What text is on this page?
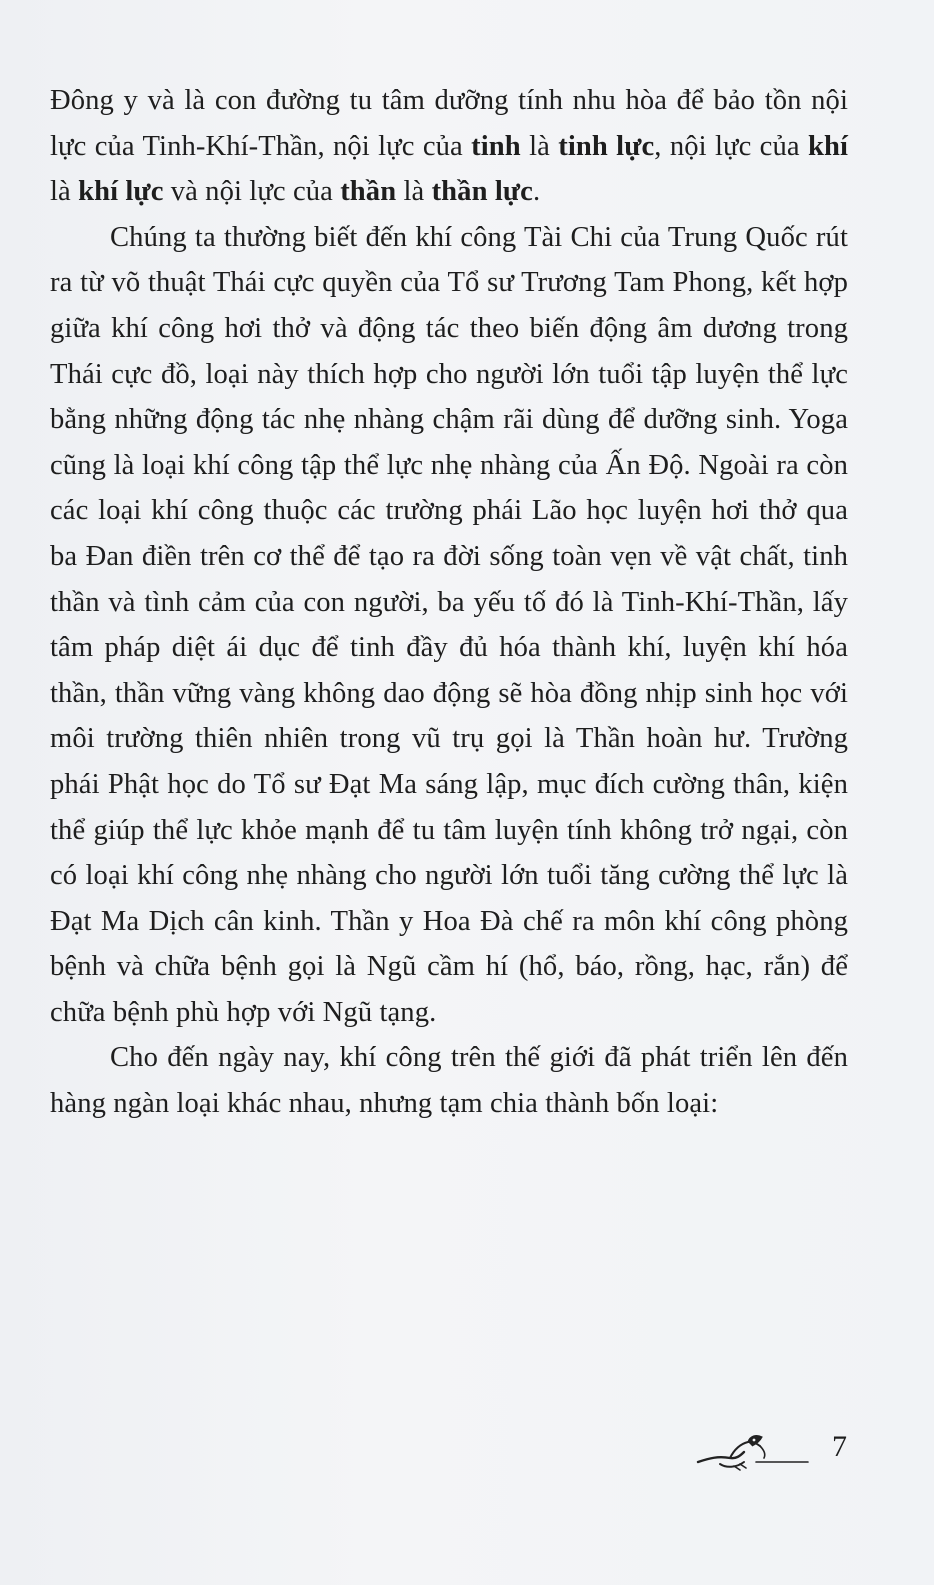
Đông y và là con đường tu tâm dưỡng tính nhu hòa để bảo tồn nội lực của Tinh-Khí-Thần, nội lực của tinh là tinh lực, nội lực của khí là khí lực và nội lực của thần là thần lực.

Chúng ta thường biết đến khí công Tài Chi của Trung Quốc rút ra từ võ thuật Thái cực quyền của Tổ sư Trương Tam Phong, kết hợp giữa khí công hơi thở và động tác theo biến động âm dương trong Thái cực đồ, loại này thích hợp cho người lớn tuổi tập luyện thể lực bằng những động tác nhẹ nhàng chậm rãi dùng để dưỡng sinh. Yoga cũng là loại khí công tập thể lực nhẹ nhàng của Ấn Độ. Ngoài ra còn các loại khí công thuộc các trường phái Lão học luyện hơi thở qua ba Đan điền trên cơ thể để tạo ra đời sống toàn vẹn về vật chất, tinh thần và tình cảm của con người, ba yếu tố đó là Tinh-Khí-Thần, lấy tâm pháp diệt ái dục để tinh đầy đủ hóa thành khí, luyện khí hóa thần, thần vững vàng không dao động sẽ hòa đồng nhịp sinh học với môi trường thiên nhiên trong vũ trụ gọi là Thần hoàn hư. Trường phái Phật học do Tổ sư Đạt Ma sáng lập, mục đích cường thân, kiện thể giúp thể lực khỏe mạnh để tu tâm luyện tính không trở ngại, còn có loại khí công nhẹ nhàng cho người lớn tuổi tăng cường thể lực là Đạt Ma Dịch cân kinh. Thần y Hoa Đà chế ra môn khí công phòng bệnh và chữa bệnh gọi là Ngũ cầm hí (hổ, báo, rồng, hạc, rắn) để chữa bệnh phù hợp với Ngũ tạng.

Cho đến ngày nay, khí công trên thế giới đã phát triển lên đến hàng ngàn loại khác nhau, nhưng tạm chia thành bốn loại:

7
